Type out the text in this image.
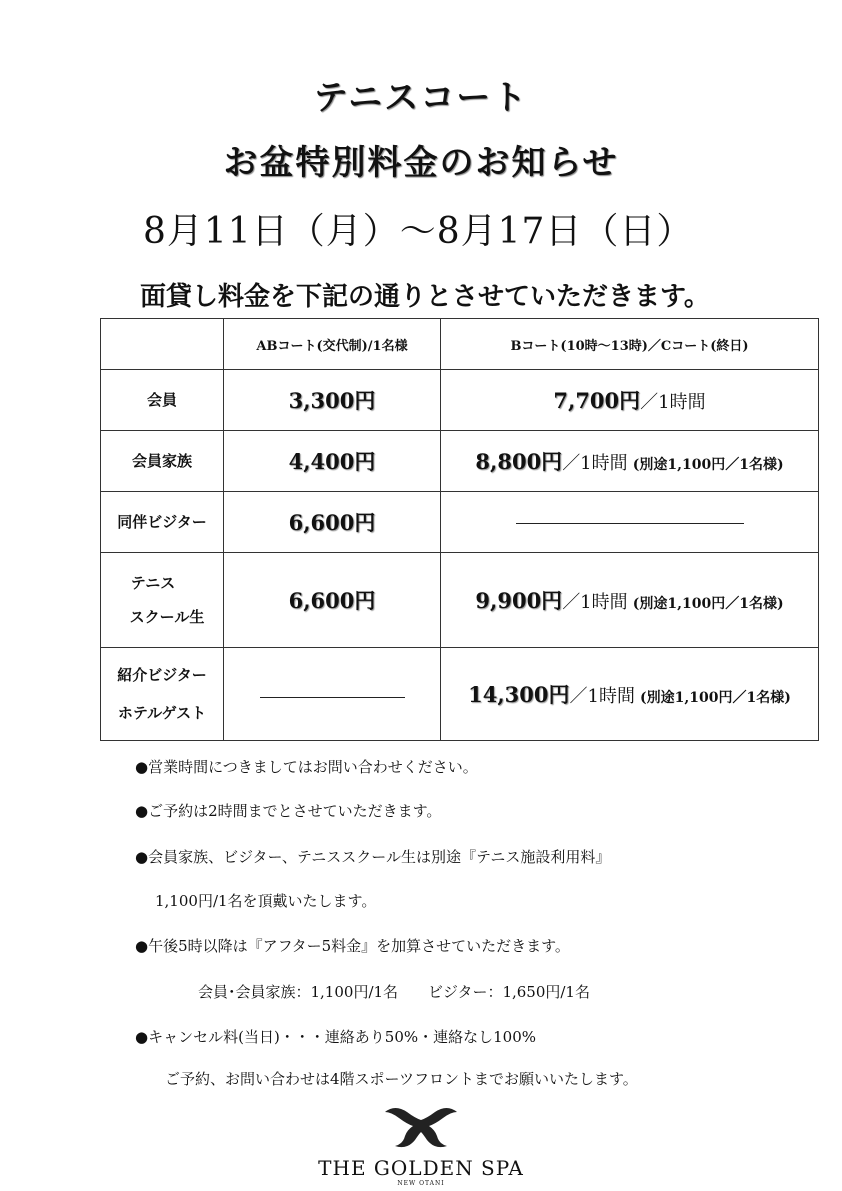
テニスコート
お盆特別料金のお知らせ
8月11日（月）〜8月17日（日）
面貸し料金を下記の通りとさせていただきます。
	ABコート(交代制)/1名様	Bコート(10時〜13時)／Cコート(終日)
会員	3,300円	7,700円／1時間
会員家族	4,400円	8,800円／1時間 (別途1,100円／1名様)
同伴ビジター	6,600円	

テニス
スクール生	6,600円	9,900円／1時間 (別途1,100円／1名様)

紹介ビジター
ホテルゲスト		14,300円／1時間 (別途1,100円／1名様)
●営業時間につきましてはお問い合わせください。
●ご予約は2時間までとさせていただきます。
●会員家族、ビジター、テニススクール生は別途『テニス施設利用料』
1,100円/1名を頂戴いたします。
●午後5時以降は『アフター5料金』を加算させていただきます。
会員･会員家族：1,100円/1名　　ビジター：1,650円/1名
●キャンセル料(当日)・・・連絡あり50%・連絡なし100%
ご予約、お問い合わせは4階スポーツフロントまでお願いいたします。
THE GOLDEN SPA
NEW OTANI
